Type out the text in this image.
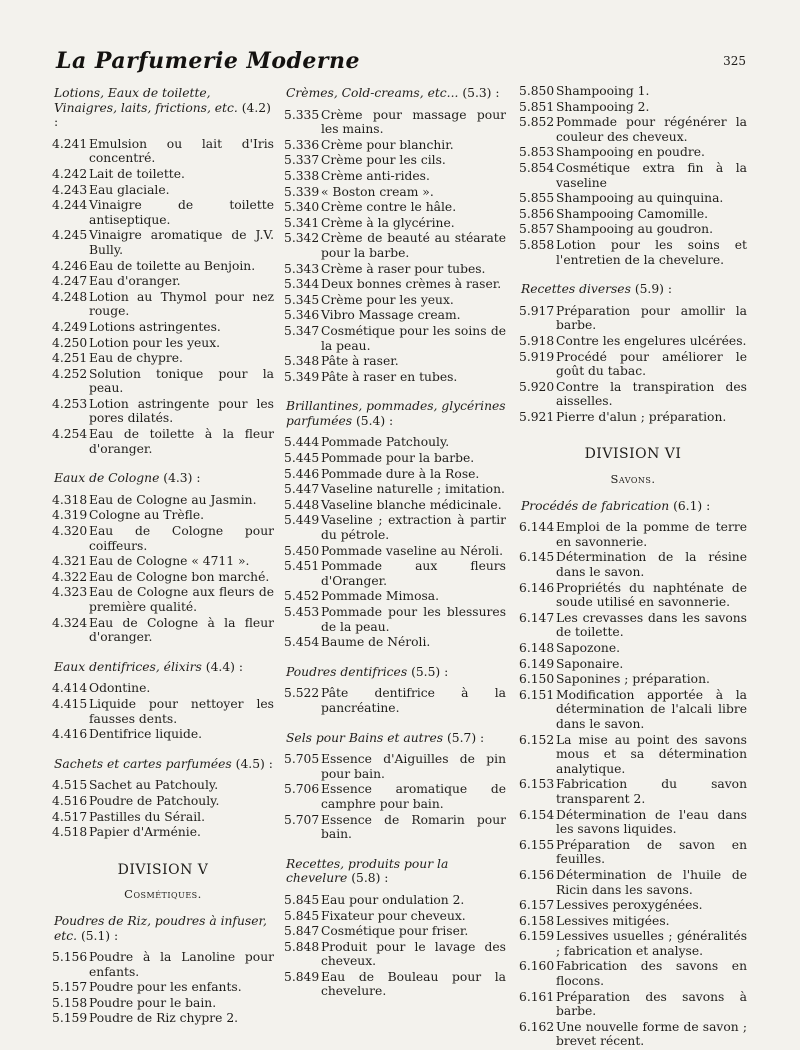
La Parfumerie Moderne	325
Lotions, Eaux de toilette, Vinaigres, laits, frictions, etc. (4.2) :
4.241 Emulsion ou lait d'Iris concentré.
4.242 Lait de toilette.
4.243 Eau glaciale.
4.244 Vinaigre de toilette antiseptique.
4.245 Vinaigre aromatique de J.V. Bully.
4.246 Eau de toilette au Benjoin.
4.247 Eau d'oranger.
4.248 Lotion au Thymol pour nez rouge.
4.249 Lotions astringentes.
4.250 Lotion pour les yeux.
4.251 Eau de chypre.
4.252 Solution tonique pour la peau.
4.253 Lotion astringente pour les pores dilatés.
4.254 Eau de toilette à la fleur d'oranger.
Eaux de Cologne (4.3) :
4.318 Eau de Cologne au Jasmin.
4.319 Cologne au Trèfle.
4.320 Eau de Cologne pour coiffeurs.
4.321 Eau de Cologne « 4711 ».
4.322 Eau de Cologne bon marché.
4.323 Eau de Cologne aux fleurs de première qualité.
4.324 Eau de Cologne à la fleur d'oranger.
Eaux dentifrices, élixirs (4.4) :
4.414 Odontine.
4.415 Liquide pour nettoyer les fausses dents.
4.416 Dentifrice liquide.
Sachets et cartes parfumées (4.5) :
4.515 Sachet au Patchouly.
4.516 Poudre de Patchouly.
4.517 Pastilles du Sérail.
4.518 Papier d'Arménie.
DIVISION V
Cosmétiques.
Poudres de Riz, poudres à infuser, etc. (5.1) :
5.156 Poudre à la Lanoline pour enfants.
5.157 Poudre pour les enfants.
5.158 Poudre pour le bain.
5.159 Poudre de Riz chypre 2.
Crèmes, Cold-creams, etc... (5.3) :
5.335 Crème pour massage pour les mains.
5.336 Crème pour blanchir.
5.337 Crème pour les cils.
5.338 Crème anti-rides.
5.339 « Boston cream ».
5.340 Crème contre le hâle.
5.341 Crème à la glycérine.
5.342 Crème de beauté au stéarate pour la barbe.
5.343 Crème à raser pour tubes.
5.344 Deux bonnes crèmes à raser.
5.345 Crème pour les yeux.
5.346 Vibro Massage cream.
5.347 Cosmétique pour les soins de la peau.
5.348 Pâte à raser.
5.349 Pâte à raser en tubes.
Brillantines, pommades, glycérines parfumées (5.4) :
5.444 Pommade Patchouly.
5.445 Pommade pour la barbe.
5.446 Pommade dure à la Rose.
5.447 Vaseline naturelle ; imitation.
5.448 Vaseline blanche médicinale.
5.449 Vaseline ; extraction à partir du pétrole.
5.450 Pommade vaseline au Néroli.
5.451 Pommade aux fleurs d'Oranger.
5.452 Pommade Mimosa.
5.453 Pommade pour les blessures de la peau.
5.454 Baume de Néroli.
Poudres dentifrices (5.5) :
5.522 Pâte dentifrice à la pancréatine.
Sels pour Bains et autres (5.7) :
5.705 Essence d'Aiguilles de pin pour bain.
5.706 Essence aromatique de camphre pour bain.
5.707 Essence de Romarin pour bain.
Recettes, produits pour la chevelure (5.8) :
5.845 Eau pour ondulation 2.
5.845 Fixateur pour cheveux.
5.847 Cosmétique pour friser.
5.848 Produit pour le lavage des cheveux.
5.849 Eau de Bouleau pour la chevelure.
5.850 Shampooing 1.
5.851 Shampooing 2.
5.852 Pommade pour régénérer la couleur des cheveux.
5.853 Shampooing en poudre.
5.854 Cosmétique extra fin à la vaseline
5.855 Shampooing au quinquina.
5.856 Shampooing Camomille.
5.857 Shampooing au goudron.
5.858 Lotion pour les soins et l'entretien de la chevelure.
Recettes diverses (5.9) :
5.917 Préparation pour amollir la barbe.
5.918 Contre les engelures ulcérées.
5.919 Procédé pour améliorer le goût du tabac.
5.920 Contre la transpiration des aisselles.
5.921 Pierre d'alun ; préparation.
DIVISION VI
Savons.
Procédés de fabrication (6.1) :
6.144 Emploi de la pomme de terre en savonnerie.
6.145 Détermination de la résine dans le savon.
6.146 Propriétés du naphténate de soude utilisé en savonnerie.
6.147 Les crevasses dans les savons de toilette.
6.148 Sapozone.
6.149 Saponaire.
6.150 Saponines ; préparation.
6.151 Modification apportée à la détermination de l'alcali libre dans le savon.
6.152 La mise au point des savons mous et sa détermination analytique.
6.153 Fabrication du savon transparent 2.
6.154 Détermination de l'eau dans les savons liquides.
6.155 Préparation de savon en feuilles.
6.156 Détermination de l'huile de Ricin dans les savons.
6.157 Lessives peroxygénées.
6.158 Lessives mitigées.
6.159 Lessives usuelles ; généralités ; fabrication et analyse.
6.160 Fabrication des savons en flocons.
6.161 Préparation des savons à barbe.
6.162 Une nouvelle forme de savon ; brevet récent.
